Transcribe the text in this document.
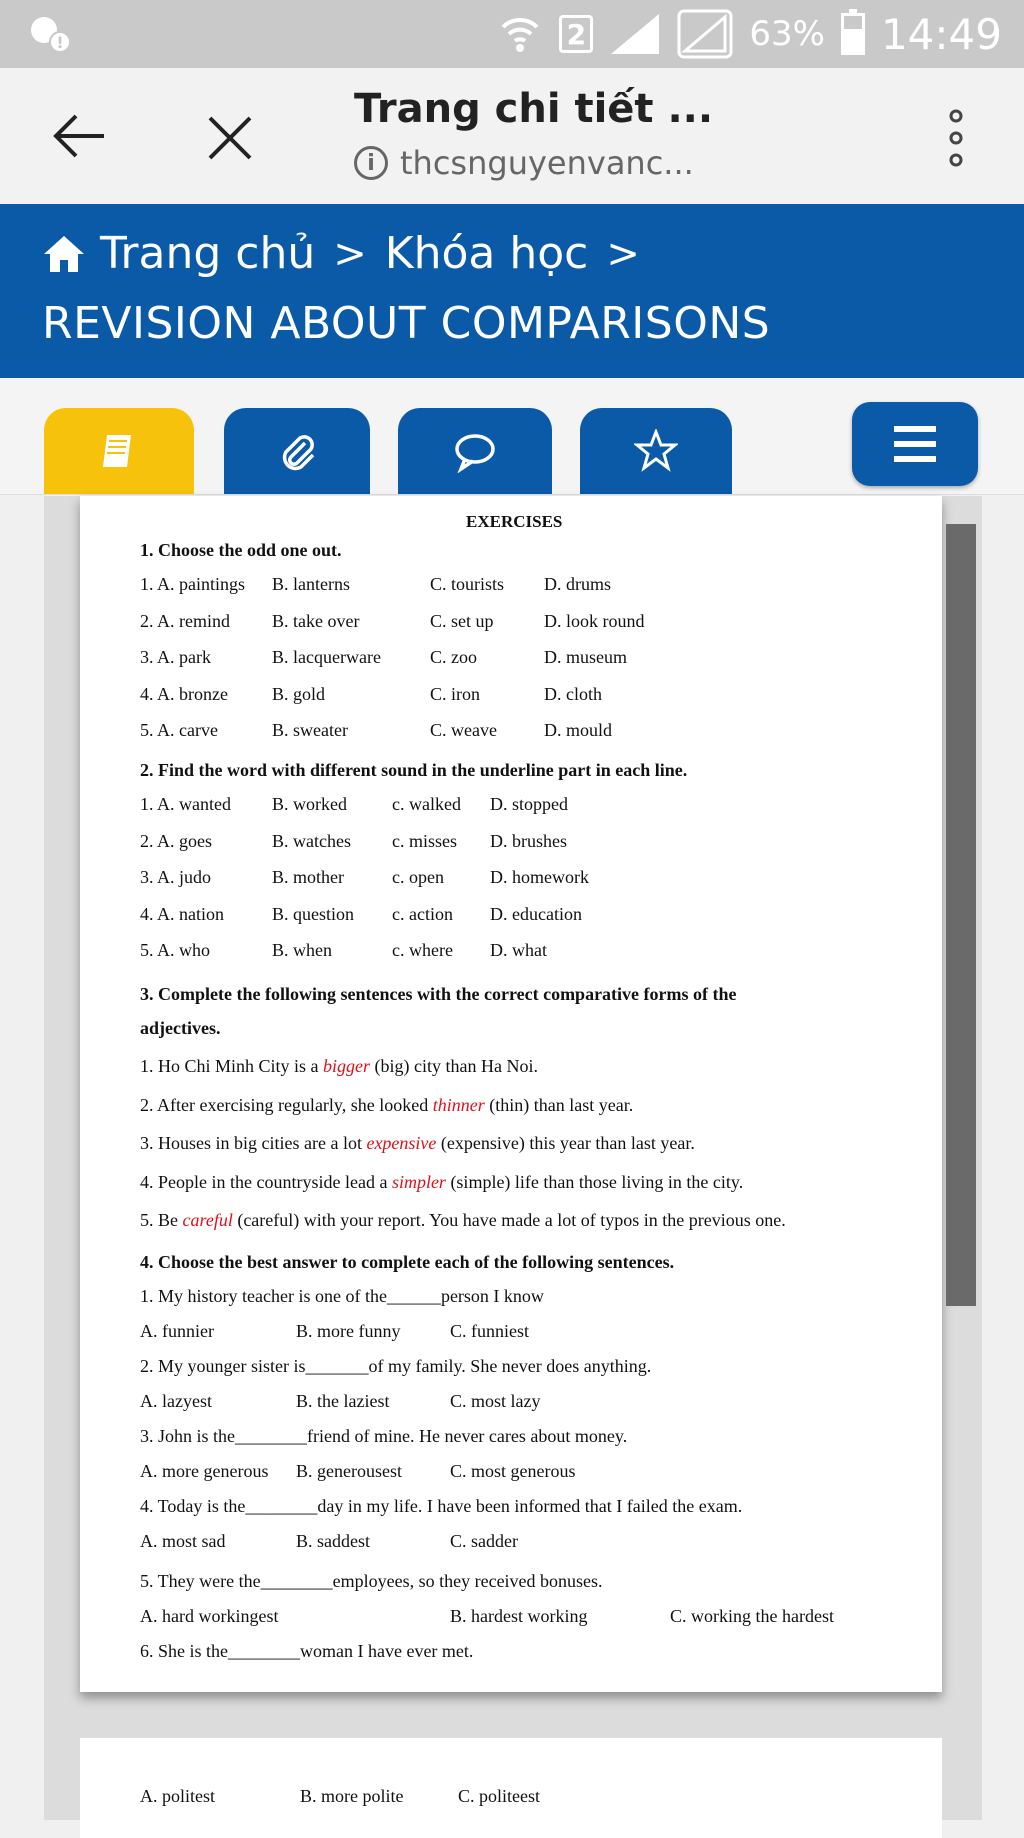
!	2	63% 14:49
Trang chi tiết ...
i thcsnguyenvanc...
Trang chủ > Khóa học >
REVISION ABOUT COMPARISONS
EXERCISES
1. Choose the odd one out.
1. A. paintings B. lanterns	C. tourists D. drums
2. A. remind B. take over	C. set up	D. look round
3. A. park	B. lacquerware	C. zoo	D. museum
4. A. bronze B. gold	C. iron	D. cloth
5. A. carve	B. sweater	C. weave	D. mould
2. Find the word with different sound in the underline part in each line.
1. A. wanted B. worked	c. walked D. stopped
2. A. goes	B. watches c. misses D. brushes
3. A. judo	B. mother	c. open	D. homework
4. A. nation	B. question c. action D. education
5. A. who	B. when	c. where D. what
3. Complete the following sentences with the correct comparative forms of the
adjectives.
1. Ho Chi Minh City is a bigger (big) city than Ha Noi.
2. After exercising regularly, she looked thinner (thin) than last year.
3. Houses in big cities are a lot expensive (expensive) this year than last year.
4. People in the countryside lead a simpler (simple) life than those living in the city.
5. Be careful (careful) with your report. You have made a lot of typos in the previous one.
4. Choose the best answer to complete each of the following sentences.
1. My history teacher is one of the______person I know
A. funnier	B. more funny	C. funniest
2. My younger sister is_______of my family. She never does anything.
A. lazyest	B. the laziest	C. most lazy
3. John is the________friend of mine. He never cares about money.
A. more generous B. generousest	C. most generous
4. Today is the________day in my life. I have been informed that I failed the exam.
A. most sad	B. saddest	C. sadder
5. They were the________employees, so they received bonuses.
A. hard workingest	B. hardest working	C. working the hardest
6. She is the________woman I have ever met.
A. politest	B. more polite	C. politeest
